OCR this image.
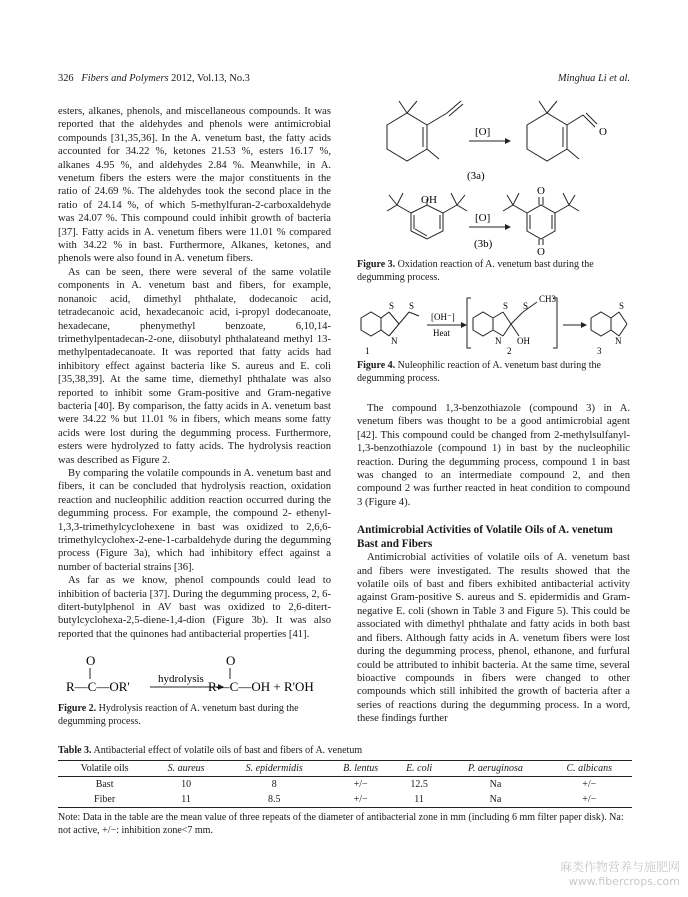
326 Fibers and Polymers 2012, Vol.13, No.3	Minghua Li et al.

esters, alkanes, phenols, and miscellaneous compounds. It was reported that the aldehydes and phenols were antimicrobial compounds [31,35,36]. In the A. venetum bast, the fatty acids accounted for 34.22 %, ketones 21.53 %, esters 16.17 %, alkanes 4.95 %, and aldehydes 2.84 %. Meanwhile, in A. venetum fibers the esters were the major constituents in the ratio of 24.69 %. The aldehydes took the second place in the ratio of 24.14 %, of which 5-methylfuran-2-carboxaldehyde was 24.07 %. This compound could inhibit growth of bacteria [37]. Fatty acids in A. venetum fibers were 11.01 % compared with 34.22 % in bast. Furthermore, Alkanes, ketones, and phenols were also found in A. venetum fibers.

As can be seen, there were several of the same volatile components in A. venetum bast and fibers, for example, nonanoic acid, dimethyl phthalate, dodecanoic acid, tetradecanoic acid, hexadecanoic acid, i-propyl dodecanoate, hexadecane, phenymethyl benzoate, 6,10,14-trimethylpentadecan-2-one, diisobutyl phthalateand methyl 13-methylpentadecanoate. It was reported that fatty acids had inhibitory effect against bacteria like S. aureus and E. coli [35,38,39]. At the same time, diemethyl phthalate was also reported to inhibit some Gram-positive and Gram-negative bacteria [40]. By comparison, the fatty acids in A. venetum bast were 34.22 % but 11.01 % in fibers, which means some fatty acids were lost during the degumming process. Furthermore, esters were hydrolyzed to fatty acids. The hydrolysis reaction was described as Figure 2.

By comparing the volatile compounds in A. venetum bast and fibers, it can be concluded that hydrolysis reaction, oxidation reaction and nucleophilic addition reaction occurred during the degumming process. For example, the compound 2- ethenyl-1,3,3-trimethylcyclohexene in bast was oxidized to 2,6,6-trimethylcyclohex-2-ene-1-carbaldehyde during the degumming process (Figure 3a), which had inhibitory effect against a number of bacterial strains [36].

As far as we know, phenol compounds could lead to inhibition of bacteria [37]. During the degumming process, 2, 6-ditert-butylphenol in AV bast was oxidized to 2,6-ditert-butylcyclohexa-2,5-diene-1,4-dion (Figure 3b). It was also reported that the quinones had antibacterial properties [41].

O
R—C—OR'	hydrolysis
O
R—C—OH + R'OH

Figure 2. Hydrolysis reaction of A. venetum bast during the degumming process.

[O]	O
(3a)
OH
[O]
(3b)
O
O

Figure 3. Oxidation reaction of A. venetum bast during the degumming process.

S
N
S
1
[OH⁻]
Heat
S
N
S
CH3
OH
2
S
N
3

Figure 4. Nuleophilic reaction of A. venetum bast during the degumming process.

The compound 1,3-benzothiazole (compound 3) in A. venetum fibers was thought to be a good antimicrobial agent [42]. This compound could be changed from 2-methylsulfanyl-1,3-benzothiazole (compound 1) in bast by the nucleophilic reaction. During the degumming process, compound 1 in bast was changed to an intermediate compound 2, and then compound 2 was further reacted in heat condition to compound 3 (Figure 4).

Antimicrobial Activities of Volatile Oils of A. venetum Bast and Fibers

Antimicrobial activities of volatile oils of A. venetum bast and fibers were investigated. The results showed that the volatile oils of bast and fibers exhibited antibacterial activity against Gram-positive S. aureus and S. epidermidis and Gram-negative E. coli (shown in Table 3 and Figure 5). This could be associated with dimethyl phthalate and fatty acids in both bast and fibers. Although fatty acids in A. venetum fibers were lost during the degumming process, phenol, ethanone, and furfural could be attributed to inhibit bacteria. At the same time, several bioactive compounds in fibers were changed to other compounds which still inhibited the growth of bacteria after a series of reactions during the degumming process. In a word, these findings further

Table 3. Antibacterial effect of volatile oils of bast and fibers of A. venetum

Volatile oils	S. aureus	S. epidermidis	B. lentus	E. coli	P. aeruginosa	C. albicans
Bast	10	8	+/−	12.5	Na	+/−
Fiber	11	8.5	+/−	11	Na	+/−

Note: Data in the table are the mean value of three repeats of the diameter of antibacterial zone in mm (including 6 mm filter paper disk). Na: not active, +/−: inhibition zone<7 mm.

麻类作物营养与施肥网
www.fibercrops.com
